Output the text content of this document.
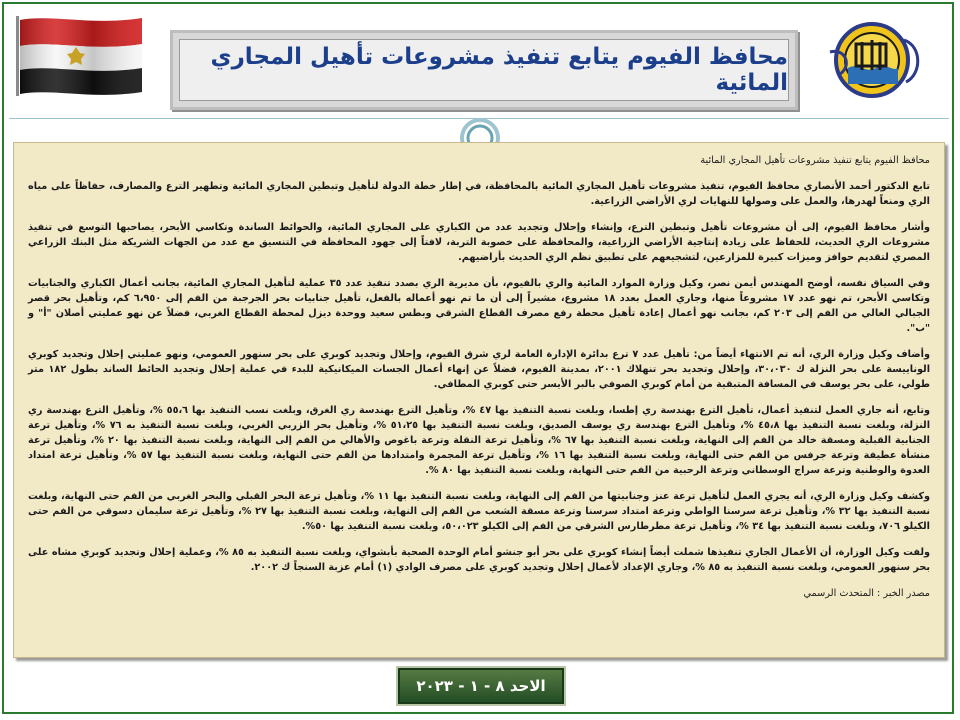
محافظ الفيوم يتابع تنفيذ مشروعات تأهيل المجاري المائية

محافظ الفيوم يتابع تنفيذ مشروعات تأهيل المجاري المائية

تابع الدكتور أحمد الأنصاري محافظ الفيوم، تنفيذ مشروعات تأهيل المجاري المائية بالمحافظة، في إطار خطة الدولة لتأهيل وتبطين المجاري المائية وتطهير الترع والمصارف، حفاظاً على مياه الري ومنعاً لهدرها، والعمل على وصولها للنهايات لري الأراضي الزراعية.

وأشار محافظ الفيوم، إلى أن مشروعات تأهيل وتبطين الترع، وإنشاء وإحلال وتجديد عدد من الكباري على المجاري المائية، والحوائط الساندة وتكاسي الأبحر، يصاحبها التوسع في تنفيذ مشروعات الري الحديث، للحفاظ على زيادة إنتاجية الأراضي الزراعية، والمحافظة على خصوبة التربة، لافتاً إلى جهود المحافظة في التنسيق مع عدد من الجهات الشريكة مثل البنك الزراعي المصري لتقديم حوافز وميزات كبيرة للمزارعين، لتشجيعهم على تطبيق نظم الري الحديث بأراضيهم.

وفي السياق نفسه، أوضح المهندس أيمن نصر، وكيل وزارة الموارد المائية والري بالفيوم، بأن مديرية الري بصدد تنفيذ عدد ٣٥ عملية لتأهيل المجاري المائية، بجانب أعمال الكباري والجنابيات وتكاسي الأبحر، تم نهو عدد ١٧ مشروعاً منها، وجاري العمل بعدد ١٨ مشروع، مشيراً إلى أن ما تم نهو أعماله بالفعل، تأهيل جنابيات بحر الجرجبة من الفم إلى ٦،٩٥٠ كم، وتأهيل بحر قصر الجبالي العالي من الفم إلى ٢٠٣ كم، بجانب نهو أعمال إعادة تأهيل محطة رفع مصرف القطاع الشرقي وبطس سعيد ووحدة ديزل لمحطة القطاع الغربي، فضلاً عن نهو عمليتي أصلان "أ" و "ب".

وأضاف وكيل وزارة الري، أنه تم الانتهاء أيضاً من: تأهيل عدد ٧ ترع بدائرة الإدارة العامة لري شرق الفيوم، وإحلال وتجديد كوبري على بحر سنهور العمومي، ونهو عمليتي إحلال وتجديد كوبري الوناييسة على بحر النزلة ك ٣٠،٠٣٠، وإحلال وتجديد بحر تنهلاك ٢٠٠١، بمدينة الفيوم، فضلاً عن إنهاء أعمال الجسات الميكانيكية للبدء في عملية إحلال وتجديد الحائط الساند بطول ١٨٢ متر طولي، على بحر يوسف في المسافة المتبقية من أمام كوبري الصوفي بالبر الأيسر حتى كوبري المطافي.

وتابع، أنه جاري العمل لتنفيذ أعمال، تأهيل الترع بهندسة ري إطسا، وبلغت نسبة التنفيذ بها ٤٧ %، وتأهيل الترع بهندسة ري الغرق، وبلغت نسب التنفيذ بها ٥٥،٦ %، وتأهيل الترع بهندسة ري النزلة، وبلغت نسبة التنفيذ بها ٤٥،٨ %، وتأهيل الترع بهندسة ري يوسف الصديق، وبلغت نسبة التنفيذ بها ٥١،٢٥ %، وتأهيل بحر الزربي الغربي، وبلغت نسبة التنفيذ به ٧٦ %، وتأهيل ترعة الجنابية القبلية ومسقة خالد من الفم إلى النهاية، وبلغت نسبة التنفيذ بها ٦٧ %، وتأهيل ترعة النقلة وترعة باغوص والأهالي من الفم إلى النهاية، وبلغت نسبة التنفيذ بها ٢٠ %، وتأهيل ترعة منشأة عطيفة وترعة جرفس من الفم حتى النهاية، وبلغت نسبة التنفيذ بها ١٦ %، وتأهيل ترعة المجمرة وامتدادها من الفم حتى النهاية، وبلغت نسبة التنفيذ بها ٥٧ %، وتأهيل ترعة امتداد العدوة والوطنية وترعة سراج الوسطاني وترعة الرحبية من الفم حتى النهاية، وبلغت نسبة التنفيذ بها ٨٠ %.

وكشف وكيل وزارة الري، أنه يجري العمل لتأهيل ترعة عنز وجنابيتها من الفم إلى النهاية، وبلغت نسبة التنفيذ بها ١١ %، وتأهيل ترعة البحر القبلي والبحر الغربي من الفم حتى النهاية، وبلغت نسبة التنفيذ بها ٣٢ %، وتأهيل ترعة سرسنا الواطي وترعة امتداد سرسنا وترعة مسقة الشعب من الفم إلى النهاية، وبلغت نسبة التنفيذ بها ٢٧ %، وتأهيل ترعة سليمان دسوقي من الفم حتى الكيلو ٧٠٦، وبلغت نسبة التنفيذ بها ٣٤ %، وتأهيل ترعة مطرطارس الشرقي من الفم إلى الكيلو ٥٠،٠٢٣، وبلغت نسبة التنفيذ بها ٥٠%.

ولفت وكيل الوزارة، أن الأعمال الجاري تنفيذها شملت أيضاً إنشاء كوبري على بحر أبو جنشو أمام الوحدة الصحية بأبشواي، وبلغت نسبة التنفيذ به ٨٥ %، وعملية إحلال وتجديد كوبري مشاه على بحر سنهور العمومي، وبلغت نسبة التنفيذ به ٨٥ %، وجاري الإعداد لأعمال إحلال وتجديد كوبري على مصرف الوادي (١) أمام عزبة السنجاً ك ٢٠٠٢.

مصدر الخبر : المتحدث الرسمي

الاحد ٨ - ١ - ٢٠٢٣
